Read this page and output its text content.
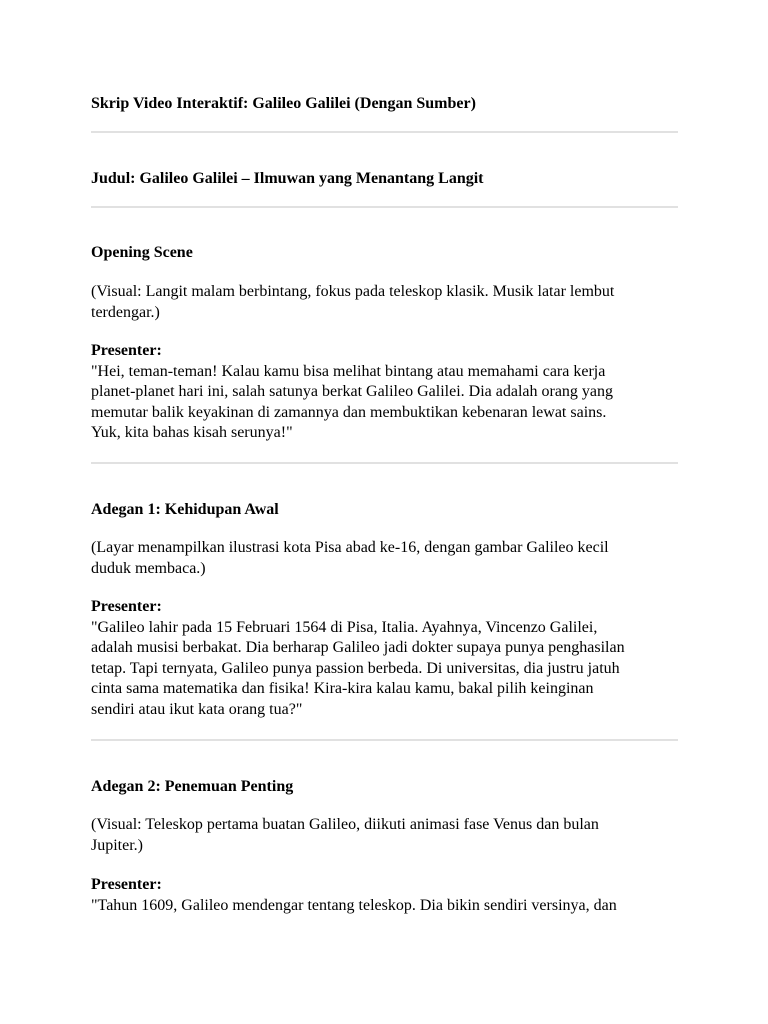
Skrip Video Interaktif: Galileo Galilei (Dengan Sumber)
Judul: Galileo Galilei – Ilmuwan yang Menantang Langit
Opening Scene
(Visual: Langit malam berbintang, fokus pada teleskop klasik. Musik latar lembut
terdengar.)
Presenter:
"Hei, teman-teman! Kalau kamu bisa melihat bintang atau memahami cara kerja
planet-planet hari ini, salah satunya berkat Galileo Galilei. Dia adalah orang yang
memutar balik keyakinan di zamannya dan membuktikan kebenaran lewat sains.
Yuk, kita bahas kisah serunya!"
Adegan 1: Kehidupan Awal
(Layar menampilkan ilustrasi kota Pisa abad ke-16, dengan gambar Galileo kecil
duduk membaca.)
Presenter:
"Galileo lahir pada 15 Februari 1564 di Pisa, Italia. Ayahnya, Vincenzo Galilei,
adalah musisi berbakat. Dia berharap Galileo jadi dokter supaya punya penghasilan
tetap. Tapi ternyata, Galileo punya passion berbeda. Di universitas, dia justru jatuh
cinta sama matematika dan fisika! Kira-kira kalau kamu, bakal pilih keinginan
sendiri atau ikut kata orang tua?"
Adegan 2: Penemuan Penting
(Visual: Teleskop pertama buatan Galileo, diikuti animasi fase Venus dan bulan
Jupiter.)
Presenter:
"Tahun 1609, Galileo mendengar tentang teleskop. Dia bikin sendiri versinya, dan
